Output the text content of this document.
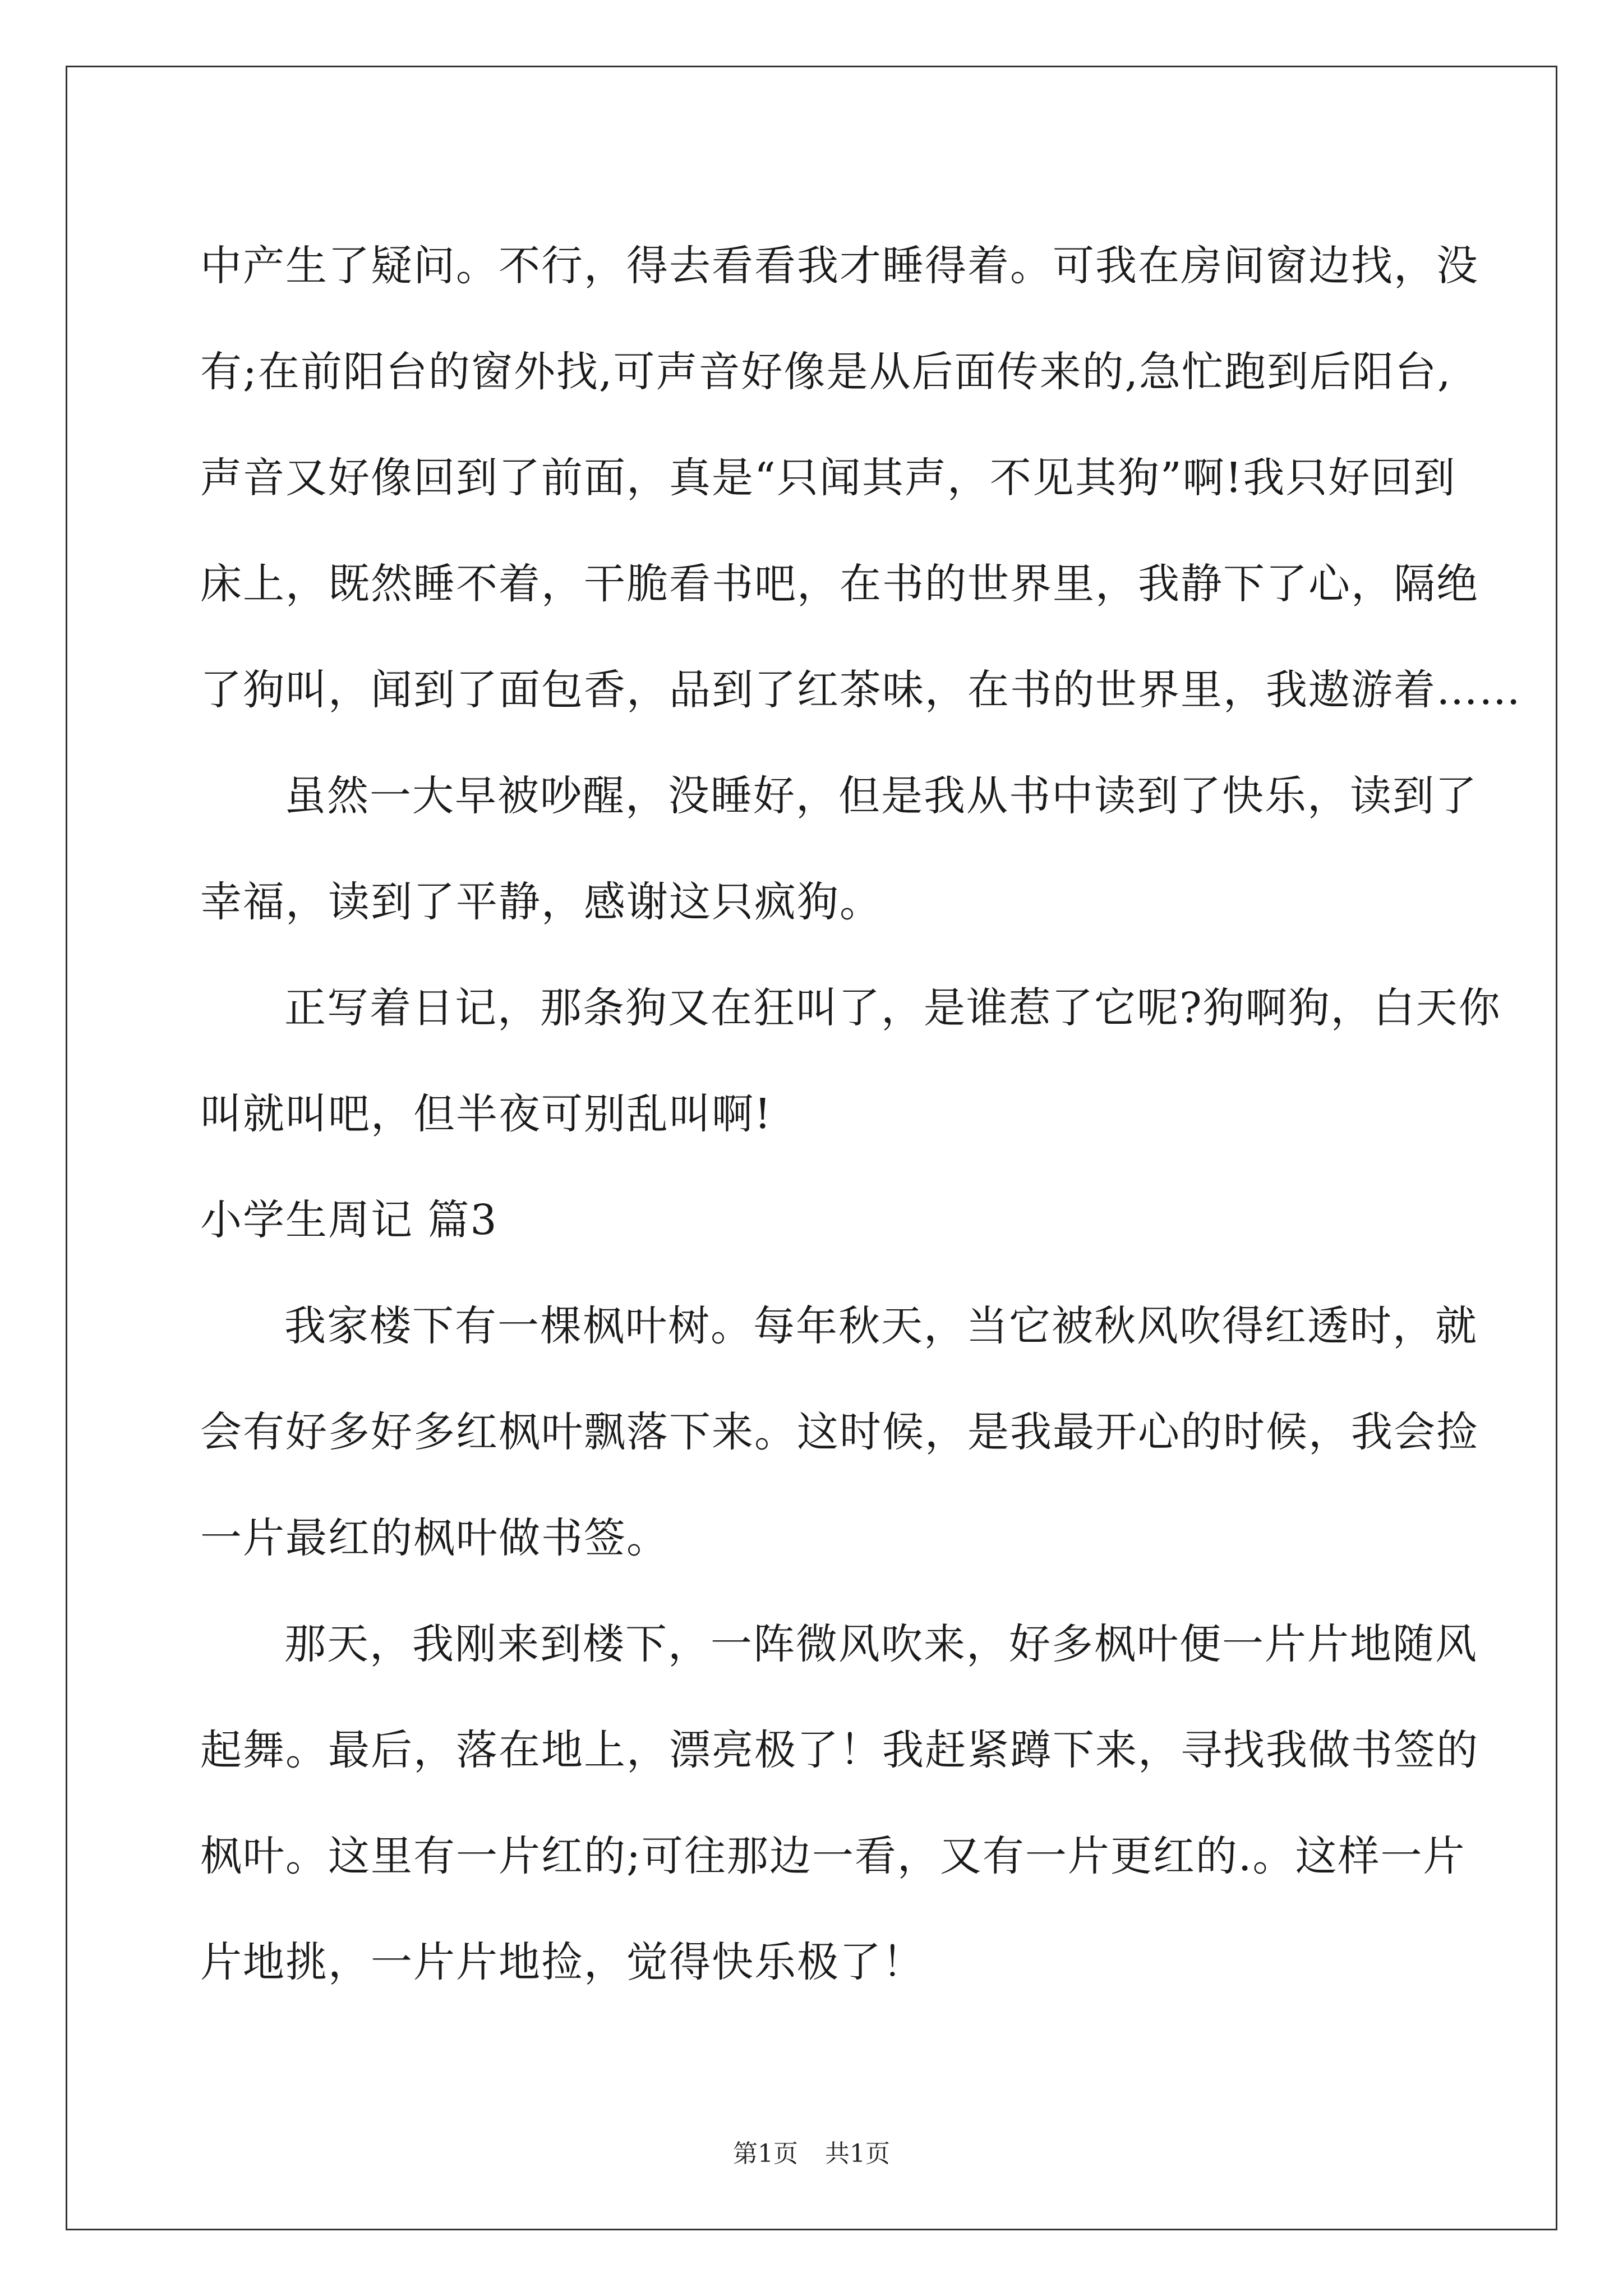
中产生了疑问。不行，得去看看我才睡得着。可我在房间窗边找，没
有;在前阳台的窗外找,可声音好像是从后面传来的,急忙跑到后阳台,
声音又好像回到了前面，真是“只闻其声，不见其狗”啊!我只好回到
床上，既然睡不着，干脆看书吧，在书的世界里，我静下了心，隔绝
了狗叫，闻到了面包香，品到了红茶味，在书的世界里，我遨游着……
虽然一大早被吵醒，没睡好，但是我从书中读到了快乐，读到了
幸福，读到了平静，感谢这只疯狗。
正写着日记，那条狗又在狂叫了，是谁惹了它呢?狗啊狗，白天你
叫就叫吧，但半夜可别乱叫啊!
小学生周记 篇3
我家楼下有一棵枫叶树。每年秋天，当它被秋风吹得红透时，就
会有好多好多红枫叶飘落下来。这时候，是我最开心的时候，我会捡
一片最红的枫叶做书签。
那天，我刚来到楼下，一阵微风吹来，好多枫叶便一片片地随风
起舞。最后，落在地上，漂亮极了！我赶紧蹲下来，寻找我做书签的
枫叶。这里有一片红的;可往那边一看，又有一片更红的.。这样一片
片地挑，一片片地捡，觉得快乐极了！
第1页 共1页
